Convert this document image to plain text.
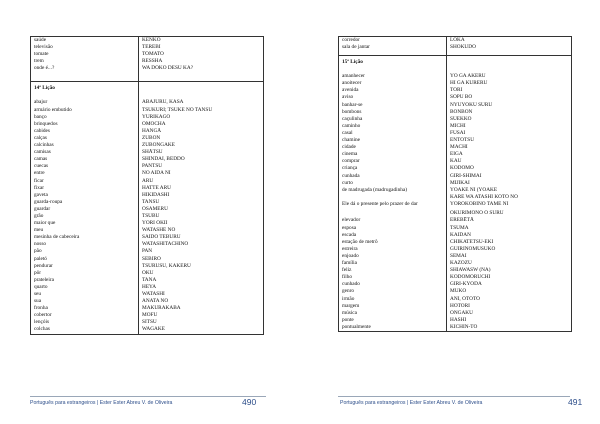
saúde	KENKŌ
televisão	TEREBI
tomate	TOMATO
trem	RESSHA
onde é...?	WA DOKO DESU KA?

14ª Lição	

abajur	ABAJURU, KASA
armário embutido	TSUKURI; TSUKE NO TANSU
banço	YURIKAGO
brinquedos	OMOCHA
cabides	HANGĀ
calças	ZUBON
calcinhas	ZUBONGAKE
camisas	SHĀTSU
camas	SHINDAI, BEDDO
cuecas	PANTSU
entre	NO AIDA NI
ficar	ARU
fixar	HATTE ARU
gaveta	HIKIDASHI
guarda-roupa	TANSU
guardar	OSAMERU
grão	TSUBU
maior que	YŌRI ŌKII
meu	WATASHE NO
mesinha de cabeceira	SAIDO TEBURU
nosso	WATASHITACHINO
pão	PAN
paletó	SEBIRO
pendurar	TSURUSU, KAKERU
pôr	OKU
prateleira	TANA
quarto	HEYA
seu	WATASHI
sua	ANATA NO
fronha	MAKURAKABA
cobertor	MŌFU
lençóis	SITSU
colchas	WAGAKE
Português para estrangeiros | Ester Ester Abreu V. de Oliveira	490
corredor	LŌKA
sala de jantar	SHOKUDŌ

15ª Lição	

amanhecer	YO GA AKERU
anoitecer	HI GA KURERU
avenida	TŌRI
aviso	SOPU BO
banhar-se	NYŪYOKU SURU
bombons	BONBON
caçulinha	SUEKKO
caminho	MICHI
casal	FUSAI
chamine	ENTOTSU
cidade	MACHI
cinema	EIGA
comprar	KAU
criança	KODOMO
cunhada	GIRI-SHIMAI
curto	MIJIKAI
de madrugada (madrugadinha)	YOAKE NI (YOAKE
	KARE WA ATASHI KOTO NO
Ele dá o presente pelo prazer de dar	YOROKOBINO TAME NI
	OKURIMONO O SURU
elevador	EREBĒTĀ
esposa	TSUMA
escada	KAIDAN
estação de metrô	CHIKATETSU-EKI
estreira	GUIRINOMUSUKO
enjoado	SEMAI
família	KAZOZU
feliz	SHIAWASW (NA)
filho	KODOMORUCHI
cunhado	GIRI-KYŌDA
genro	MUKO
irmão	ANI, OTŌTO
margem	HOTORI
música	ONGAKU
ponte	HASHI
pontualmente	KICHIN-TO
Português para estrangeiros | Ester Ester Abreu V. de Oliveira	491
